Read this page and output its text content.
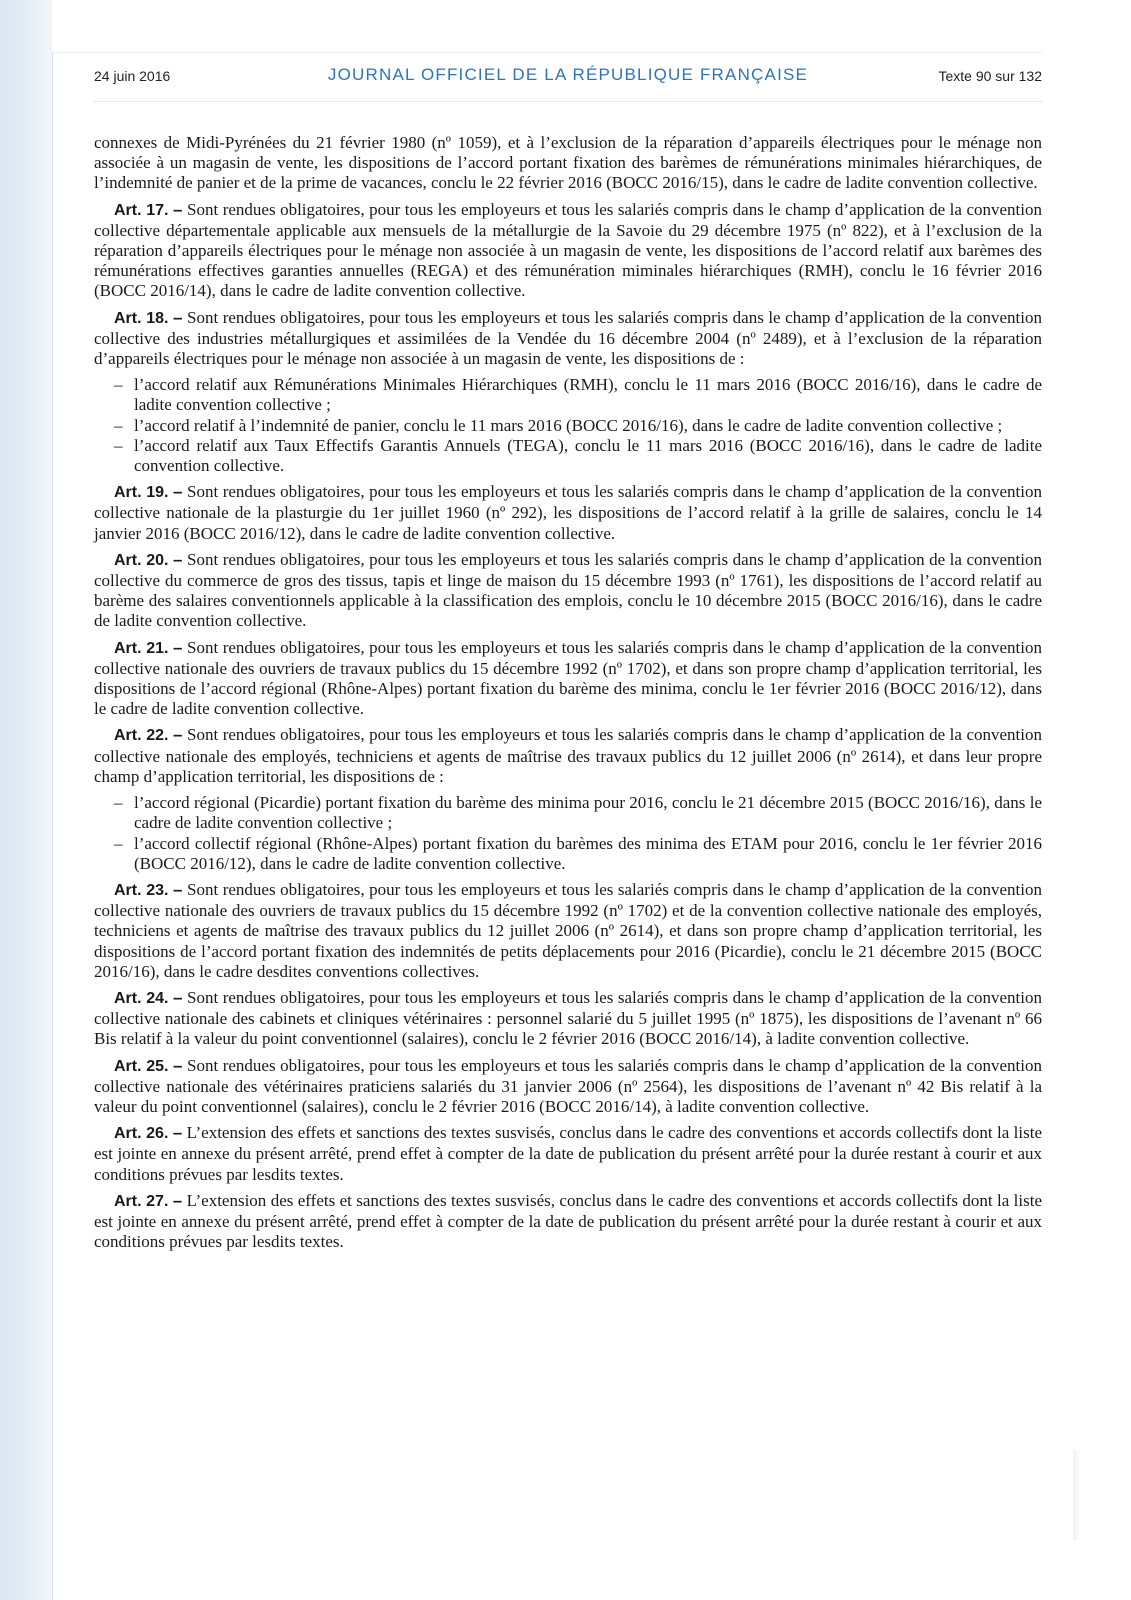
24 juin 2016	JOURNAL OFFICIEL DE LA RÉPUBLIQUE FRANÇAISE	Texte 90 sur 132

connexes de Midi-Pyrénées du 21 février 1980 (nº 1059), et à l’exclusion de la réparation d’appareils électriques pour le ménage non associée à un magasin de vente, les dispositions de l’accord portant fixation des barèmes de rémunérations minimales hiérarchiques, de l’indemnité de panier et de la prime de vacances, conclu le 22 février 2016 (BOCC 2016/15), dans le cadre de ladite convention collective.

Art. 17. – Sont rendues obligatoires, pour tous les employeurs et tous les salariés compris dans le champ d’application de la convention collective départementale applicable aux mensuels de la métallurgie de la Savoie du 29 décembre 1975 (nº 822), et à l’exclusion de la réparation d’appareils électriques pour le ménage non associée à un magasin de vente, les dispositions de l’accord relatif aux barèmes des rémunérations effectives garanties annuelles (REGA) et des rémunération miminales hiérarchiques (RMH), conclu le 16 février 2016 (BOCC 2016/14), dans le cadre de ladite convention collective.

Art. 18. – Sont rendues obligatoires, pour tous les employeurs et tous les salariés compris dans le champ d’application de la convention collective des industries métallurgiques et assimilées de la Vendée du 16 décembre 2004 (nº 2489), et à l’exclusion de la réparation d’appareils électriques pour le ménage non associée à un magasin de vente, les dispositions de :

– l’accord relatif aux Rémunérations Minimales Hiérarchiques (RMH), conclu le 11 mars 2016 (BOCC 2016/16), dans le cadre de ladite convention collective ;
– l’accord relatif à l’indemnité de panier, conclu le 11 mars 2016 (BOCC 2016/16), dans le cadre de ladite convention collective ;
– l’accord relatif aux Taux Effectifs Garantis Annuels (TEGA), conclu le 11 mars 2016 (BOCC 2016/16), dans le cadre de ladite convention collective.

Art. 19. – Sont rendues obligatoires, pour tous les employeurs et tous les salariés compris dans le champ d’application de la convention collective nationale de la plasturgie du 1er juillet 1960 (nº 292), les dispositions de l’accord relatif à la grille de salaires, conclu le 14 janvier 2016 (BOCC 2016/12), dans le cadre de ladite convention collective.

Art. 20. – Sont rendues obligatoires, pour tous les employeurs et tous les salariés compris dans le champ d’application de la convention collective du commerce de gros des tissus, tapis et linge de maison du 15 décembre 1993 (nº 1761), les dispositions de l’accord relatif au barème des salaires conventionnels applicable à la classification des emplois, conclu le 10 décembre 2015 (BOCC 2016/16), dans le cadre de ladite convention collective.

Art. 21. – Sont rendues obligatoires, pour tous les employeurs et tous les salariés compris dans le champ d’application de la convention collective nationale des ouvriers de travaux publics du 15 décembre 1992 (nº 1702), et dans son propre champ d’application territorial, les dispositions de l’accord régional (Rhône-Alpes) portant fixation du barème des minima, conclu le 1er février 2016 (BOCC 2016/12), dans le cadre de ladite convention collective.

Art. 22. – Sont rendues obligatoires, pour tous les employeurs et tous les salariés compris dans le champ d’application de la convention collective nationale des employés, techniciens et agents de maîtrise des travaux publics du 12 juillet 2006 (nº 2614), et dans leur propre champ d’application territorial, les dispositions de :

– l’accord régional (Picardie) portant fixation du barème des minima pour 2016, conclu le 21 décembre 2015 (BOCC 2016/16), dans le cadre de ladite convention collective ;
– l’accord collectif régional (Rhône-Alpes) portant fixation du barèmes des minima des ETAM pour 2016, conclu le 1er février 2016 (BOCC 2016/12), dans le cadre de ladite convention collective.

Art. 23. – Sont rendues obligatoires, pour tous les employeurs et tous les salariés compris dans le champ d’application de la convention collective nationale des ouvriers de travaux publics du 15 décembre 1992 (nº 1702) et de la convention collective nationale des employés, techniciens et agents de maîtrise des travaux publics du 12 juillet 2006 (nº 2614), et dans son propre champ d’application territorial, les dispositions de l’accord portant fixation des indemnités de petits déplacements pour 2016 (Picardie), conclu le 21 décembre 2015 (BOCC 2016/16), dans le cadre desdites conventions collectives.

Art. 24. – Sont rendues obligatoires, pour tous les employeurs et tous les salariés compris dans le champ d’application de la convention collective nationale des cabinets et cliniques vétérinaires : personnel salarié du 5 juillet 1995 (nº 1875), les dispositions de l’avenant nº 66 Bis relatif à la valeur du point conventionnel (salaires), conclu le 2 février 2016 (BOCC 2016/14), à ladite convention collective.

Art. 25. – Sont rendues obligatoires, pour tous les employeurs et tous les salariés compris dans le champ d’application de la convention collective nationale des vétérinaires praticiens salariés du 31 janvier 2006 (nº 2564), les dispositions de l’avenant nº 42 Bis relatif à la valeur du point conventionnel (salaires), conclu le 2 février 2016 (BOCC 2016/14), à ladite convention collective.

Art. 26. – L’extension des effets et sanctions des textes susvisés, conclus dans le cadre des conventions et accords collectifs dont la liste est jointe en annexe du présent arrêté, prend effet à compter de la date de publication du présent arrêté pour la durée restant à courir et aux conditions prévues par lesdits textes.

Art. 27. – L’extension des effets et sanctions des textes susvisés, conclus dans le cadre des conventions et accords collectifs dont la liste est jointe en annexe du présent arrêté, prend effet à compter de la date de publication du présent arrêté pour la durée restant à courir et aux conditions prévues par lesdits textes.
